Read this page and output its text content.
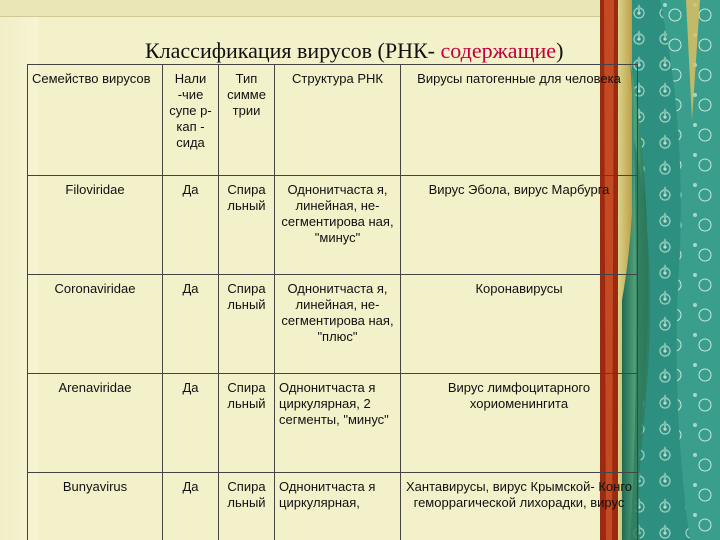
Классификация вирусов (РНК- содержащие)
Семейство вирусов	Нали -чие супе р-кап - сида	Тип симме трии	Структура РНК	Вирусы патогенные для человека
Filoviridae	Да	Спира льный	Однонитчаста я, линейная, не- сегментирова ная, "минус"	Вирус Эбола, вирус Марбурга
Coronaviridae	Да	Спира льный	Однонитчаста я, линейная, не- сегментирова ная, "плюс"	Коронавирусы
Arenaviridae	Да	Спира льный	Однонитчаста я циркулярная, 2 сегменты, "минус"	Вирус лимфоцитарного хориоменингита
Bunyavirus	Да	Спира льный	Однонитчаста я циркулярная,	Хантавирусы, вирус Крымской- Конго геморрагической лихорадки, вирус
